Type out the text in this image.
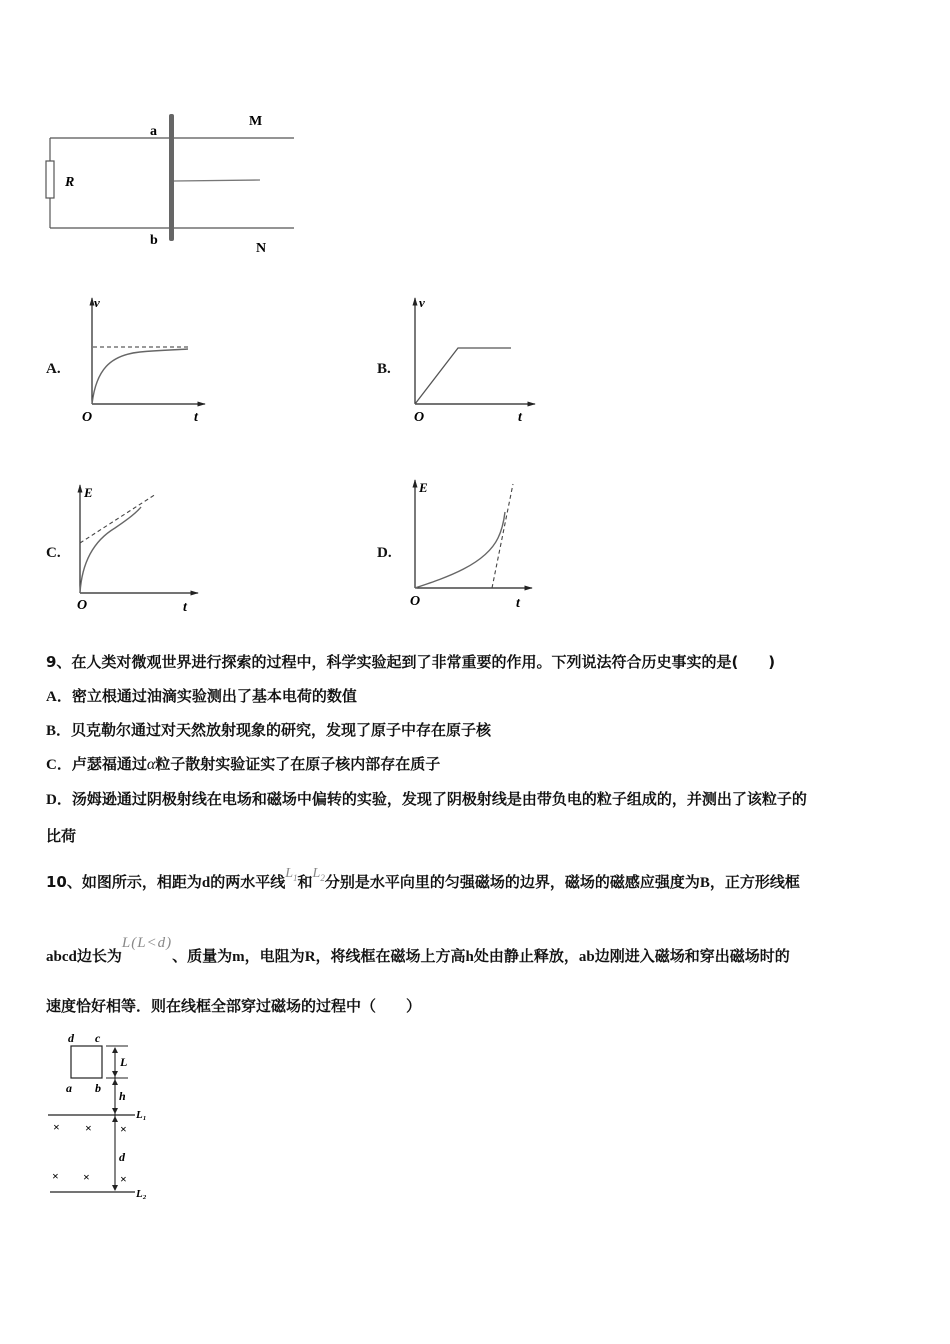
R
a
b
M
N
A.
v
O	t
B.
v
O	t
C.
E
O	t
D.
E
O	t
9、在人类对微观世界进行探索的过程中，科学实验起到了非常重要的作用。下列说法符合历史事实的是(　　)
A．密立根通过油滴实验测出了基本电荷的数值
B．贝克勒尔通过对天然放射现象的研究，发现了原子中存在原子核
C．卢瑟福通过α粒子散射实验证实了在原子核内部存在质子
D．汤姆逊通过阴极射线在电场和磁场中偏转的实验，发现了阴极射线是由带负电的粒子组成的，并测出了该粒子的
比荷
10、如图所示，相距为d的两水平线$L_1$和$L_2$分别是水平向里的匀强磁场的边界，磁场的磁感应强度为B，正方形线框
abcd边长为L(L<d)、质量为m，电阻为R，将线框在磁场上方高h处由静止释放，ab边刚进入磁场和穿出磁场时的
速度恰好相等．则在线框全部穿过磁场的过程中（　　）
d c
a b
L
h
L₁
d
L₂
× × ×
× ×	×
